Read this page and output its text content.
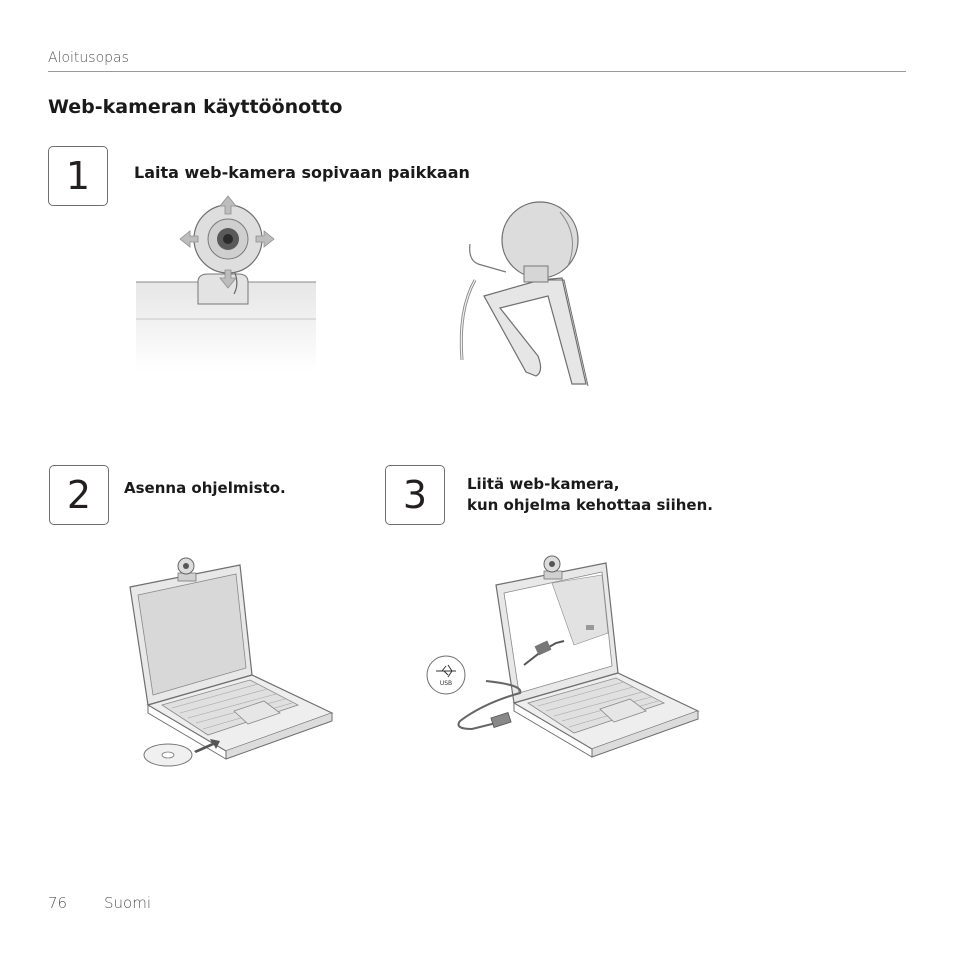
Aloitusopas
Web-kameran käyttöönotto
1	Laita web-kamera sopivaan paikkaan
2 Asenna ohjelmisto.	3	Liitä web-kamera,
kun ohjelma kehottaa siihen.
USB
76 Suomi
